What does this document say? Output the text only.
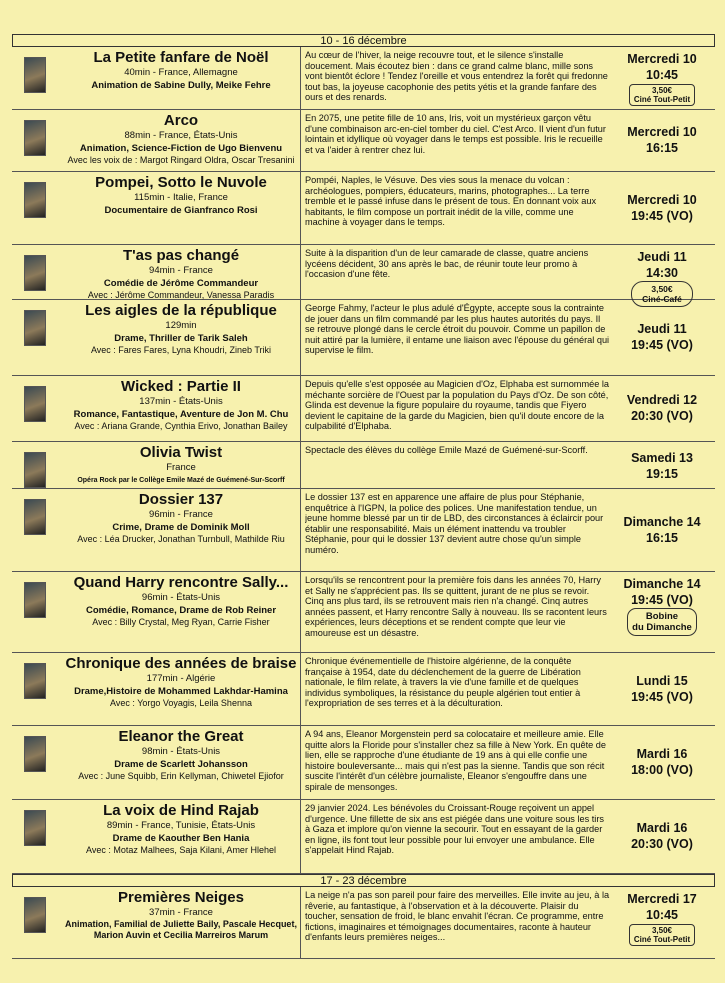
10 - 16 décembre
17 - 23 décembre
La Petite fanfare de Noël
40min - France, Allemagne
Animation de Sabine Dully, Meike Fehre
Au cœur de l'hiver, la neige recouvre tout, et le silence s'installe doucement. Mais écoutez bien : dans ce grand calme blanc, mille sons vont bientôt éclore ! Tendez l'oreille et vous entendrez la forêt qui fredonne tout bas, la joyeuse cacophonie des petits yétis et la grande fanfare des ours et des renards.
Mercredi 10
10:45
3,50€
Ciné Tout-Petit
Arco
88min - France, États-Unis
Animation, Science-Fiction de Ugo Bienvenu
Avec les voix de : Margot Ringard Oldra, Oscar Tresanini
En 2075, une petite fille de 10 ans, Iris, voit un mystérieux garçon vêtu d'une combinaison arc-en-ciel tomber du ciel. C'est Arco. Il vient d'un futur lointain et idyllique où voyager dans le temps est possible. Iris le recueille et va l'aider à rentrer chez lui.
Mercredi 10
16:15
Pompei, Sotto le Nuvole
115min - Italie, France
Documentaire de Gianfranco Rosi
Pompéi, Naples, le Vésuve. Des vies sous la menace du volcan : archéologues, pompiers, éducateurs, marins, photographes... La terre tremble et le passé infuse dans le présent de tous. En donnant voix aux habitants, le film compose un portrait inédit de la ville, comme une machine à voyager dans le temps.
Mercredi 10
19:45 (VO)
T'as pas changé
94min - France
Comédie de Jérôme Commandeur
Avec : Jérôme Commandeur, Vanessa Paradis
Suite à la disparition d'un de leur camarade de classe, quatre anciens lycéens décident, 30 ans après le bac, de réunir toute leur promo à l'occasion d'une fête.
Jeudi 11
14:30
3,50€
Ciné-Café
Les aigles de la république
129min
Drame, Thriller de Tarik Saleh
Avec : Fares Fares, Lyna Khoudri, Zineb Triki
George Fahmy, l'acteur le plus adulé d'Égypte, accepte sous la contrainte de jouer dans un film commandé par les plus hautes autorités du pays. Il se retrouve plongé dans le cercle étroit du pouvoir. Comme un papillon de nuit attiré par la lumière, il entame une liaison avec l'épouse du général qui supervise le film.
Jeudi 11
19:45 (VO)
Wicked : Partie II
137min - États-Unis
Romance, Fantastique, Aventure de Jon M. Chu
Avec : Ariana Grande, Cynthia Erivo, Jonathan Bailey
Depuis qu'elle s'est opposée au Magicien d'Oz, Elphaba est surnommée la méchante sorcière de l'Ouest par la population du Pays d'Oz. De son côté, Glinda est devenue la figure populaire du royaume, tandis que Fiyero devient le capitaine de la garde du Magicien, bien qu'il doute encore de la culpabilité d'Elphaba.
Vendredi 12
20:30 (VO)
Olivia Twist
France
Opéra Rock par le Collège Emile Mazé de Guémené-Sur-Scorff
Spectacle des élèves du collège Emile Mazé de Guémené-sur-Scorff.
Samedi 13
19:15
Dossier 137
96min - France
Crime, Drame de Dominik Moll
Avec : Léa Drucker, Jonathan Turnbull, Mathilde Riu
Le dossier 137 est en apparence une affaire de plus pour Stéphanie, enquêtrice à l'IGPN, la police des polices. Une manifestation tendue, un jeune homme blessé par un tir de LBD, des circonstances à éclaircir pour établir une responsabilité. Mais un élément inattendu va troubler Stéphanie, pour qui le dossier 137 devient autre chose qu'un simple numéro.
Dimanche 14
16:15
Quand Harry rencontre Sally...
96min - États-Unis
Comédie, Romance, Drame de Rob Reiner
Avec : Billy Crystal, Meg Ryan, Carrie Fisher
Lorsqu'ils se rencontrent pour la première fois dans les années 70, Harry et Sally ne s'apprécient pas. Ils se quittent, jurant de ne plus se revoir. Cinq ans plus tard, ils se retrouvent mais rien n'a changé. Cinq autres années passent, et Harry rencontre Sally à nouveau. Ils se racontent leurs expériences, leurs déceptions et se rendent compte que leur vie amoureuse est un désastre.
Dimanche 14
19:45 (VO)
Bobine
du Dimanche
Chronique des années de braise
177min - Algérie
Drame,Histoire de Mohammed Lakhdar-Hamina
Avec : Yorgo Voyagis, Leila Shenna
Chronique événementielle de l'histoire algérienne, de la conquête française à 1954, date du déclenchement de la guerre de Libération nationale, le film relate, à travers la vie d'une famille et de quelques individus symboliques, la résistance du peuple algérien tout entier à l'expropriation de ses terres et à la déculturation.
Lundi 15
19:45 (VO)
Eleanor the Great
98min - États-Unis
Drame de Scarlett Johansson
Avec : June Squibb, Erin Kellyman, Chiwetel Ejiofor
A 94 ans, Eleanor Morgenstein perd sa colocataire et meilleure amie. Elle quitte alors la Floride pour s'installer chez sa fille à New York. En quête de lien, elle se rapproche d'une étudiante de 19 ans à qui elle confie une histoire bouleversante... mais qui n'est pas la sienne. Tandis que son récit suscite l'intérêt d'un célèbre journaliste, Eleanor s'engouffre dans une spirale de mensonges.
Mardi 16
18:00 (VO)
La voix de Hind Rajab
89min - France, Tunisie, États-Unis
Drame de Kaouther Ben Hania
Avec : Motaz Malhees, Saja Kilani, Amer Hlehel
29 janvier 2024. Les bénévoles du Croissant-Rouge reçoivent un appel d'urgence. Une fillette de six ans est piégée dans une voiture sous les tirs à Gaza et implore qu'on vienne la secourir. Tout en essayant de la garder en ligne, ils font tout leur possible pour lui envoyer une ambulance. Elle s'appelait Hind Rajab.
Mardi 16
20:30 (VO)
Premières Neiges
37min - France
Animation, Familial de Juliette Baily, Pascale Hecquet, Marion Auvin et Cecilia Marreiros Marum
La neige n'a pas son pareil pour faire des merveilles. Elle invite au jeu, à la rêverie, au fantastique, à l'observation et à la découverte. Plaisir du toucher, sensation de froid, le blanc envahit l'écran. Ce programme, entre fictions, imaginaires et témoignages documentaires, raconte à hauteur d'enfants leurs premières neiges...
Mercredi 17
10:45
3,50€
Ciné Tout-Petit
